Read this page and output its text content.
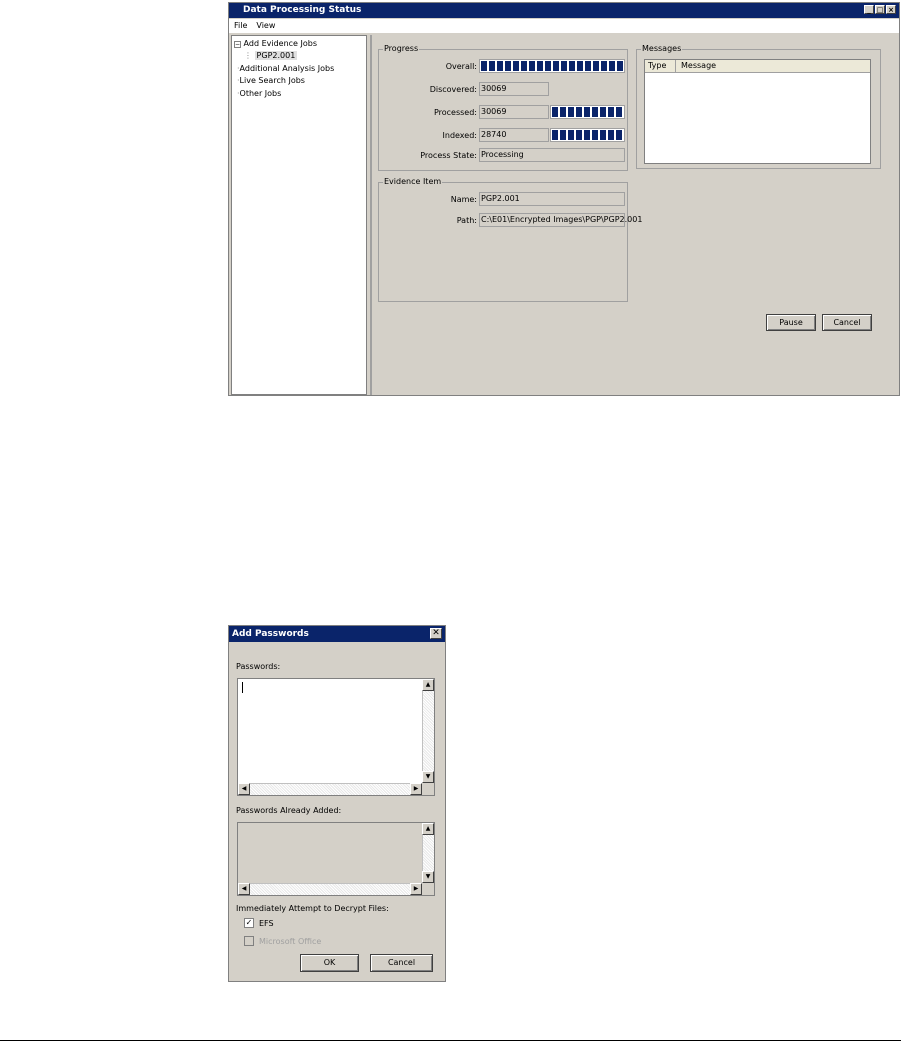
Data Processing Status	_ □ ×
File View
− Add Evidence Jobs
⋮ PGP2.001
·Additional Analysis Jobs
·Live Search Jobs
·Other Jobs
Progress
Overall:
Discovered: 30069
Processed: 30069
Indexed: 28740
Process State: Processing
Messages
Type Message
Evidence Item
Name: PGP2.001
Path: C:\E01\Encrypted Images\PGP\PGP2.001
Pause	Cancel
Add Passwords	✕
Passwords:
▲
▼
◀	▶
Passwords Already Added:
▲
▼
◀	▶
Immediately Attempt to Decrypt Files:
✓ EFS
Microsoft Office
OK	Cancel
